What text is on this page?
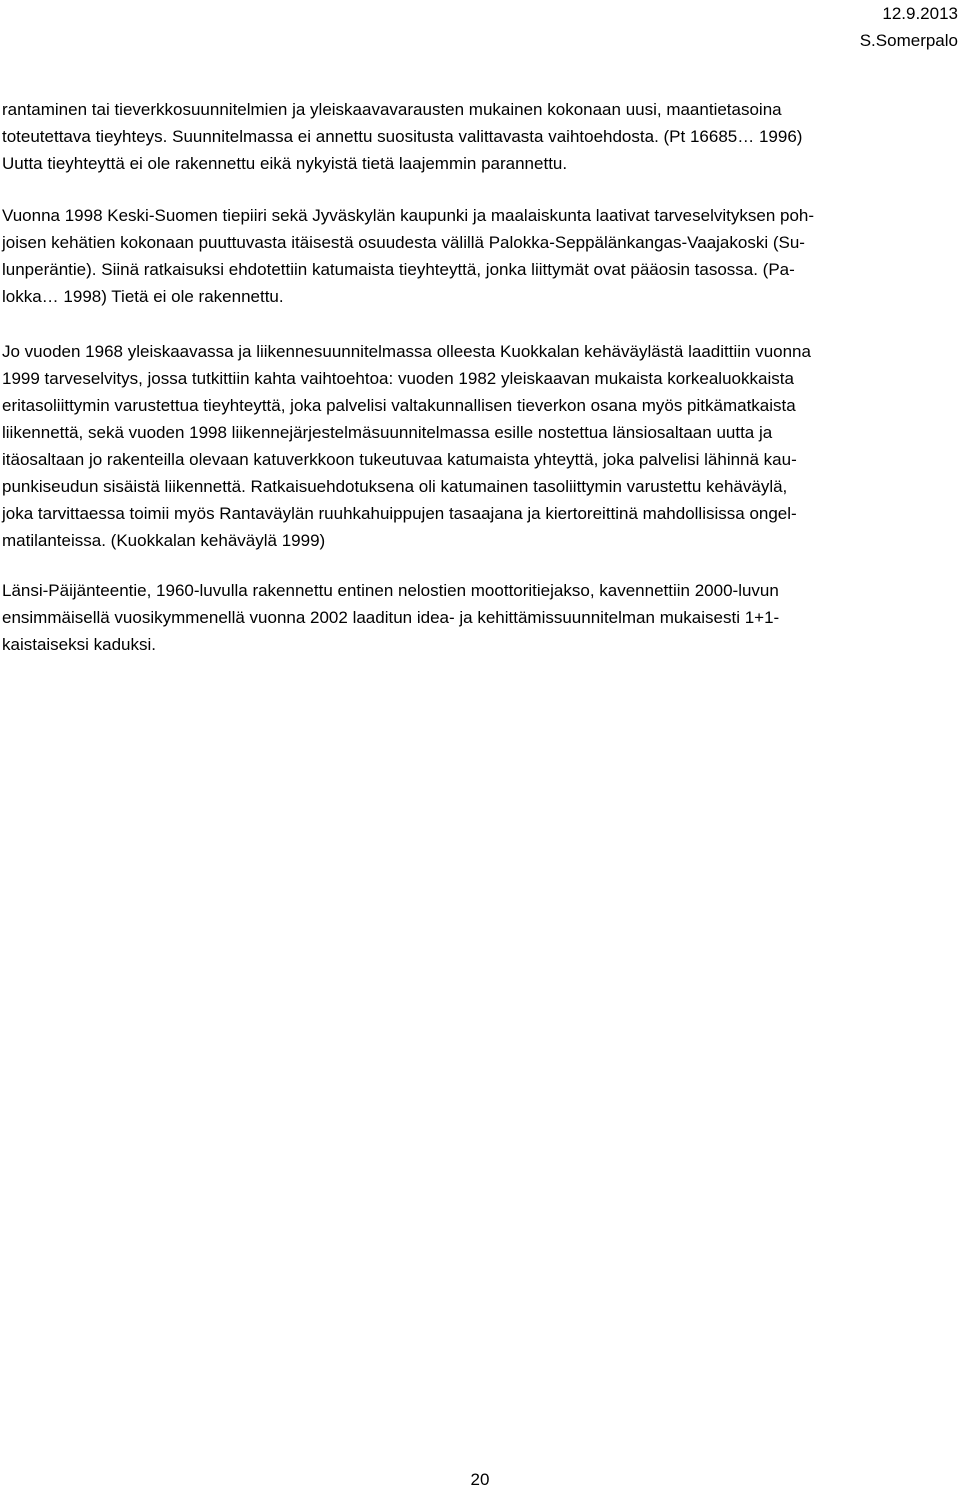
12.9.2013
S.Somerpalo

rantaminen tai tieverkkosuunnitelmien ja yleiskaavavarausten mukainen kokonaan uusi, maantietasoina
toteutettava tieyhteys. Suunnitelmassa ei annettu suositusta valittavasta vaihtoehdosta. (Pt 16685… 1996)
Uutta tieyhteyttä ei ole rakennettu eikä nykyistä tietä laajemmin parannettu.

Vuonna 1998 Keski-Suomen tiepiiri sekä Jyväskylän kaupunki ja maalaiskunta laativat tarveselvityksen poh-
joisen kehätien kokonaan puuttuvasta itäisestä osuudesta välillä Palokka-Seppälänkangas-Vaajakoski (Su-
lunperäntie). Siinä ratkaisuksi ehdotettiin katumaista tieyhteyttä, jonka liittymät ovat pääosin tasossa. (Pa-
lokka… 1998) Tietä ei ole rakennettu.

Jo vuoden 1968 yleiskaavassa ja liikennesuunnitelmassa olleesta Kuokkalan kehäväylästä laadittiin vuonna
1999 tarveselvitys, jossa tutkittiin kahta vaihtoehtoa: vuoden 1982 yleiskaavan mukaista korkealuokkaista
eritasoliittymin varustettua tieyhteyttä, joka palvelisi valtakunnallisen tieverkon osana myös pitkämatkaista
liikennettä, sekä vuoden 1998 liikennejärjestelmäsuunnitelmassa esille nostettua länsiosaltaan uutta ja
itäosaltaan jo rakenteilla olevaan katuverkkoon tukeutuvaa katumaista yhteyttä, joka palvelisi lähinnä kau-
punkiseudun sisäistä liikennettä. Ratkaisuehdotuksena oli katumainen tasoliittymin varustettu kehäväylä,
joka tarvittaessa toimii myös Rantaväylän ruuhkahuippujen tasaajana ja kiertoreittinä mahdollisissa ongel-
matilanteissa. (Kuokkalan kehäväylä 1999)

Länsi-Päijänteentie, 1960-luvulla rakennettu entinen nelostien moottoritiejakso, kavennettiin 2000-luvun
ensimmäisellä vuosikymmenellä vuonna 2002 laaditun idea- ja kehittämissuunnitelman mukaisesti 1+1-
kaistaiseksi kaduksi.

20
